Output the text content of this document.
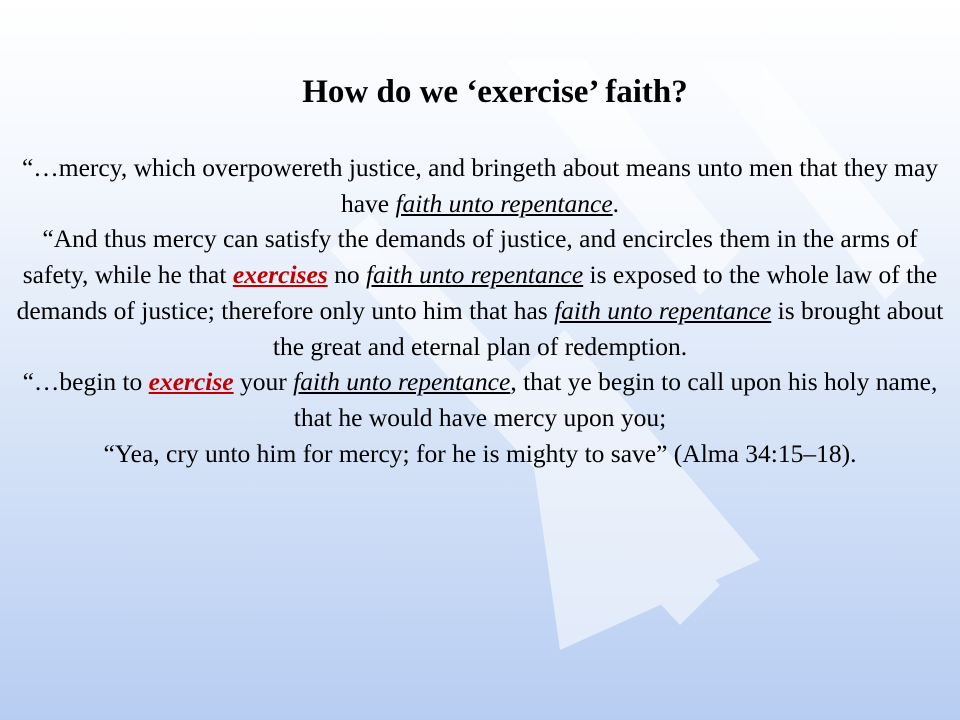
How do we ‘exercise’ faith?

“…mercy, which overpowereth justice, and bringeth about means unto men that they may have faith unto repentance.

“And thus mercy can satisfy the demands of justice, and encircles them in the arms of safety, while he that exercises no faith unto repentance is exposed to the whole law of the demands of justice; therefore only unto him that has faith unto repentance is brought about the great and eternal plan of redemption.

“…begin to exercise your faith unto repentance, that ye begin to call upon his holy name, that he would have mercy upon you;

“Yea, cry unto him for mercy; for he is mighty to save” (Alma 34:15–18).
